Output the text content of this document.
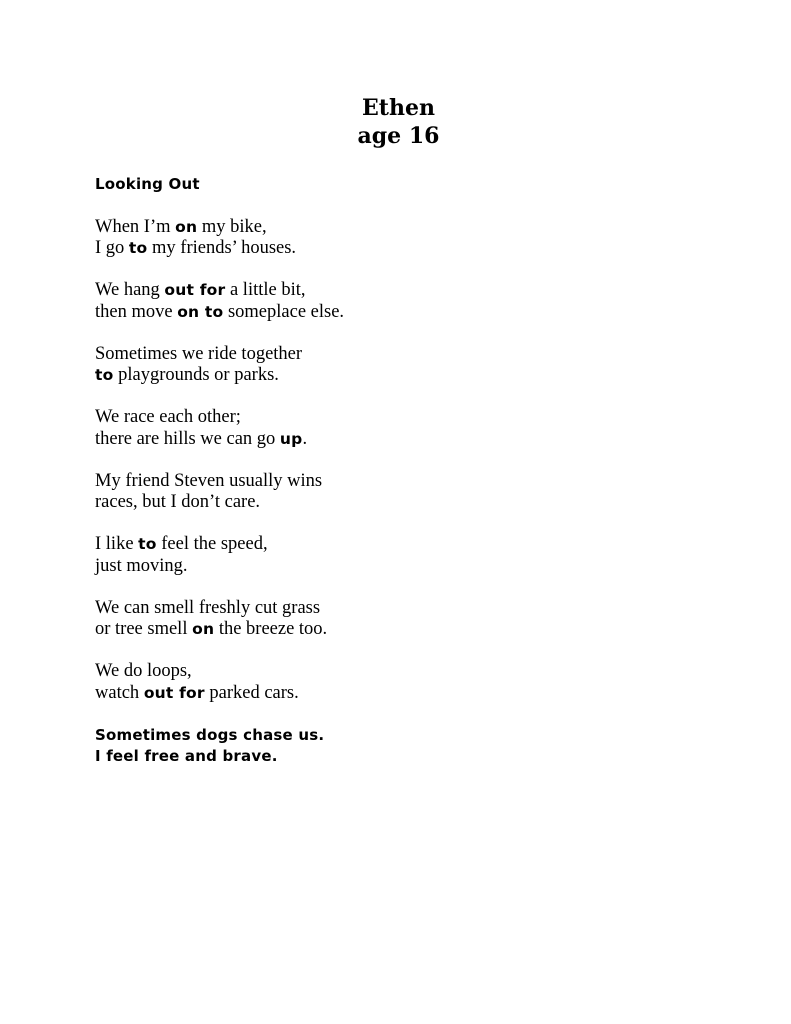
Ethen
age 16
Looking Out
When I’m on my bike,
I go to my friends’ houses.
We hang out for a little bit,
then move on to someplace else.
Sometimes we ride together
to playgrounds or parks.
We race each other;
there are hills we can go up.
My friend Steven usually wins
races, but I don’t care.
I like to feel the speed,
just moving.
We can smell freshly cut grass
or tree smell on the breeze too.
We do loops,
watch out for parked cars.
Sometimes dogs chase us.
I feel free and brave.
